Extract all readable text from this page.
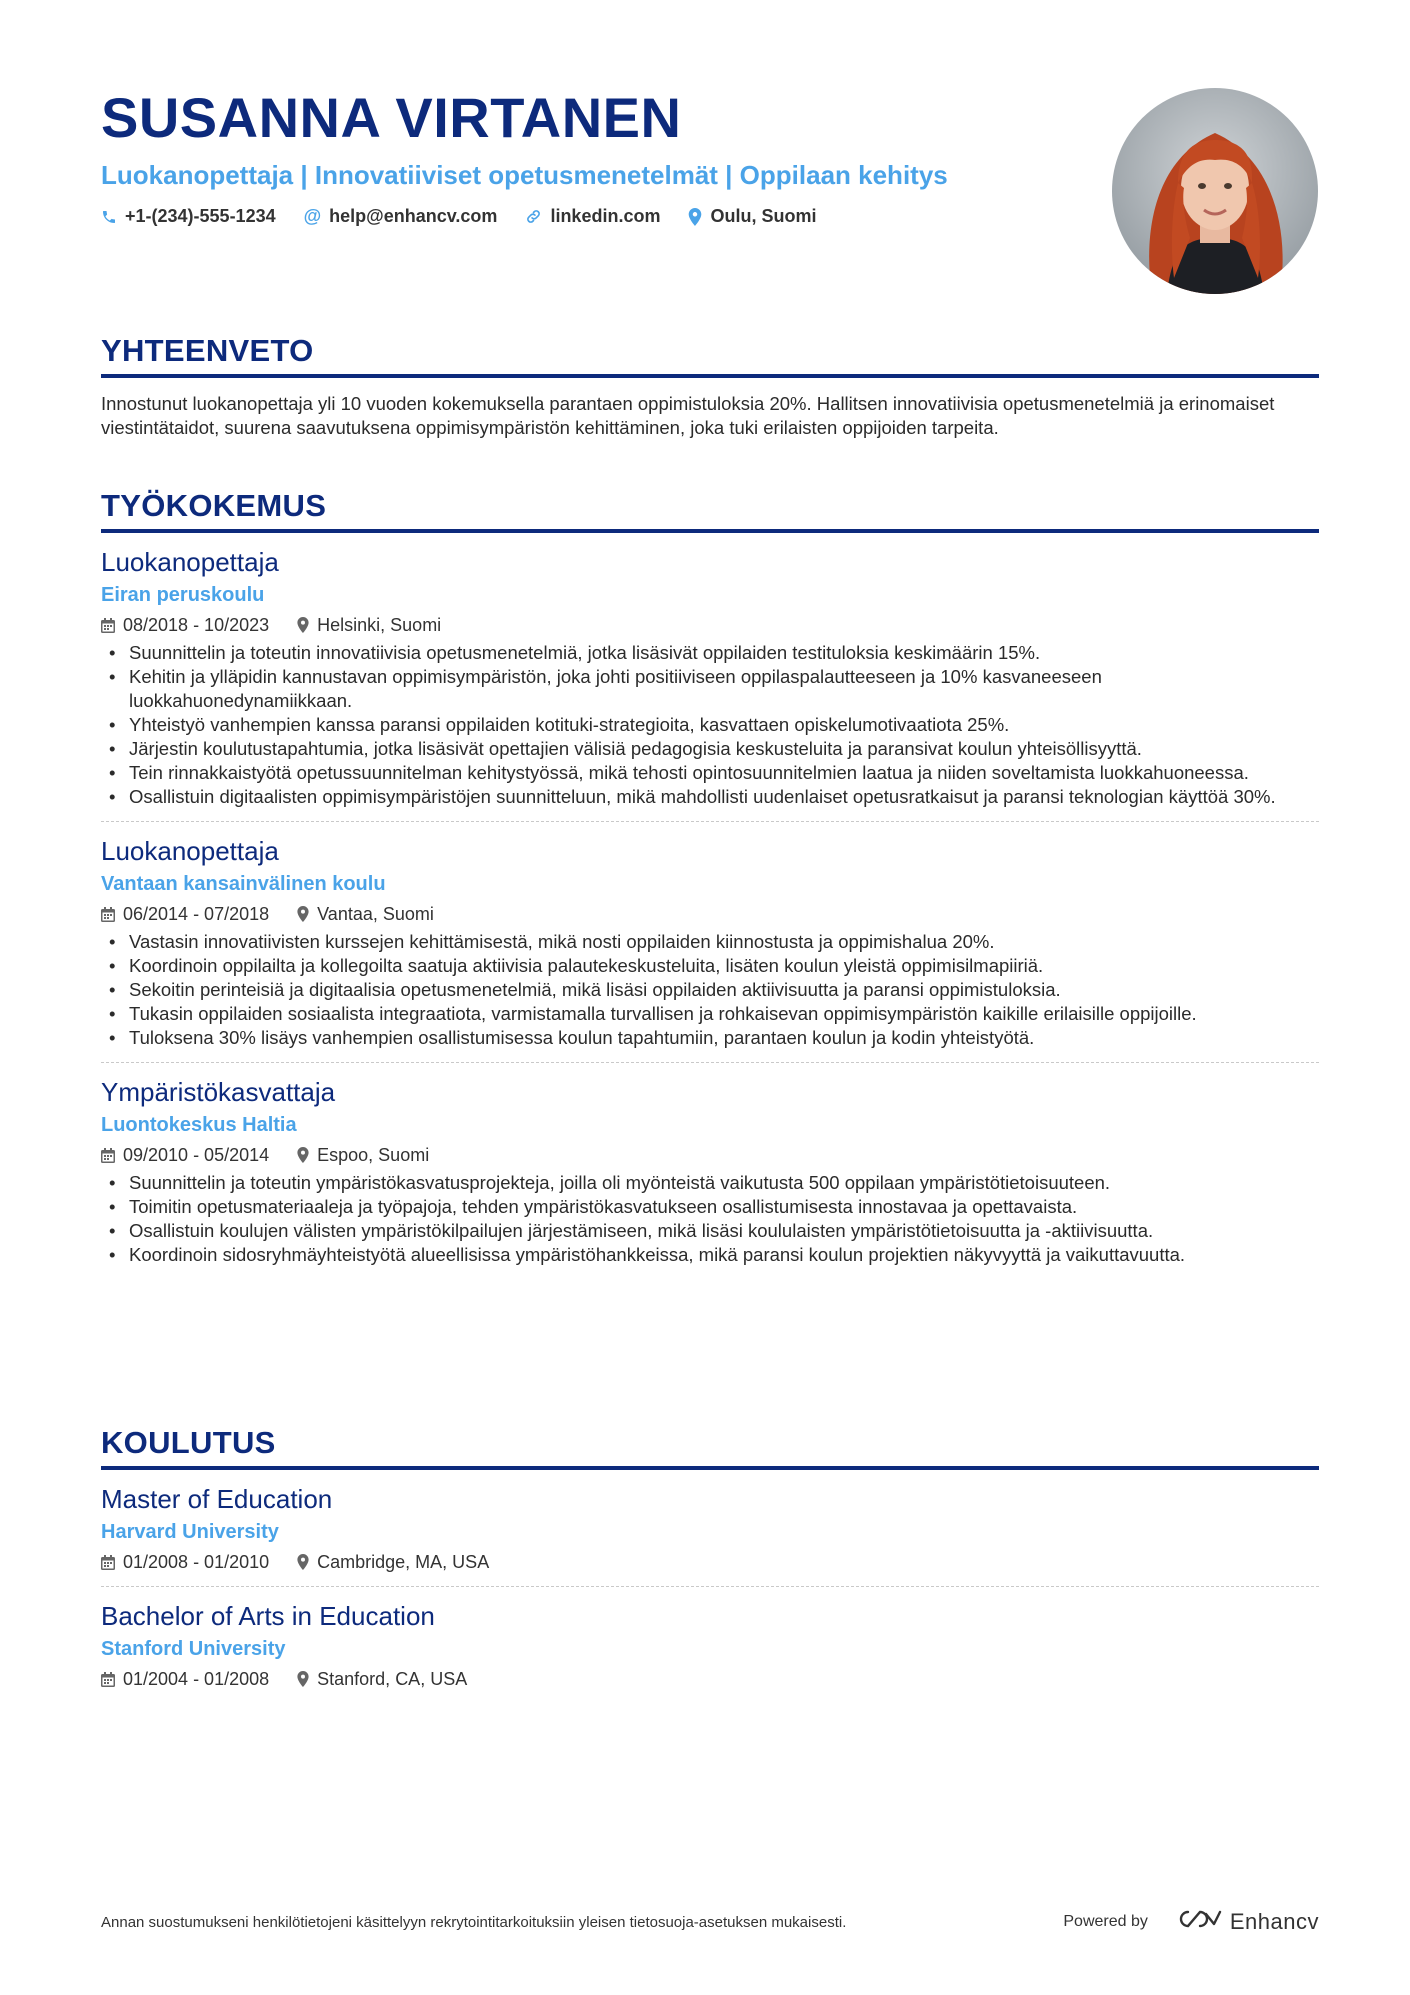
SUSANNA VIRTANEN
Luokanopettaja | Innovatiiviset opetusmenetelmät | Oppilaan kehitys
+1-(234)-555-1234 @ help@enhancv.com	linkedin.com	Oulu, Suomi
YHTEENVETO
Innostunut luokanopettaja yli 10 vuoden kokemuksella parantaen oppimistuloksia 20%. Hallitsen innovatiivisia opetusmenetelmiä ja erinomaiset viestintätaidot, suurena saavutuksena oppimisympäristön kehittäminen, joka tuki erilaisten oppijoiden tarpeita.
TYÖKOKEMUS
Luokanopettaja
Eiran peruskoulu
08/2018 - 10/2023	Helsinki, Suomi
• Suunnittelin ja toteutin innovatiivisia opetusmenetelmiä, jotka lisäsivät oppilaiden testituloksia keskimäärin 15%.
• Kehitin ja ylläpidin kannustavan oppimisympäristön, joka johti positiiviseen oppilaspalautteeseen ja 10% kasvaneeseen luokkahuonedynamiikkaan.
• Yhteistyö vanhempien kanssa paransi oppilaiden kotituki-strategioita, kasvattaen opiskelumotivaatiota 25%.
• Järjestin koulutustapahtumia, jotka lisäsivät opettajien välisiä pedagogisia keskusteluita ja paransivat koulun yhteisöllisyyttä.
• Tein rinnakkaistyötä opetussuunnitelman kehitystyössä, mikä tehosti opintosuunnitelmien laatua ja niiden soveltamista luokkahuoneessa.
• Osallistuin digitaalisten oppimisympäristöjen suunnitteluun, mikä mahdollisti uudenlaiset opetusratkaisut ja paransi teknologian käyttöä 30%.
Luokanopettaja
Vantaan kansainvälinen koulu
06/2014 - 07/2018	Vantaa, Suomi
• Vastasin innovatiivisten kurssejen kehittämisestä, mikä nosti oppilaiden kiinnostusta ja oppimishalua 20%.
• Koordinoin oppilailta ja kollegoilta saatuja aktiivisia palautekeskusteluita, lisäten koulun yleistä oppimisilmapiiriä.
• Sekoitin perinteisiä ja digitaalisia opetusmenetelmiä, mikä lisäsi oppilaiden aktiivisuutta ja paransi oppimistuloksia.
• Tukasin oppilaiden sosiaalista integraatiota, varmistamalla turvallisen ja rohkaisevan oppimisympäristön kaikille erilaisille oppijoille.
• Tuloksena 30% lisäys vanhempien osallistumisessa koulun tapahtumiin, parantaen koulun ja kodin yhteistyötä.
Ympäristökasvattaja
Luontokeskus Haltia
09/2010 - 05/2014	Espoo, Suomi
• Suunnittelin ja toteutin ympäristökasvatusprojekteja, joilla oli myönteistä vaikutusta 500 oppilaan ympäristötietoisuuteen.
• Toimitin opetusmateriaaleja ja työpajoja, tehden ympäristökasvatukseen osallistumisesta innostavaa ja opettavaista.
• Osallistuin koulujen välisten ympäristökilpailujen järjestämiseen, mikä lisäsi koululaisten ympäristötietoisuutta ja -aktiivisuutta.
• Koordinoin sidosryhmäyhteistyötä alueellisissa ympäristöhankkeissa, mikä paransi koulun projektien näkyvyyttä ja vaikuttavuutta.
KOULUTUS
Master of Education
Harvard University
01/2008 - 01/2010	Cambridge, MA, USA
Bachelor of Arts in Education
Stanford University
01/2004 - 01/2008	Stanford, CA, USA
Annan suostumukseni henkilötietojeni käsittelyyn rekrytointitarkoituksiin yleisen tietosuoja-asetuksen mukaisesti.	Powered by	Enhancv
